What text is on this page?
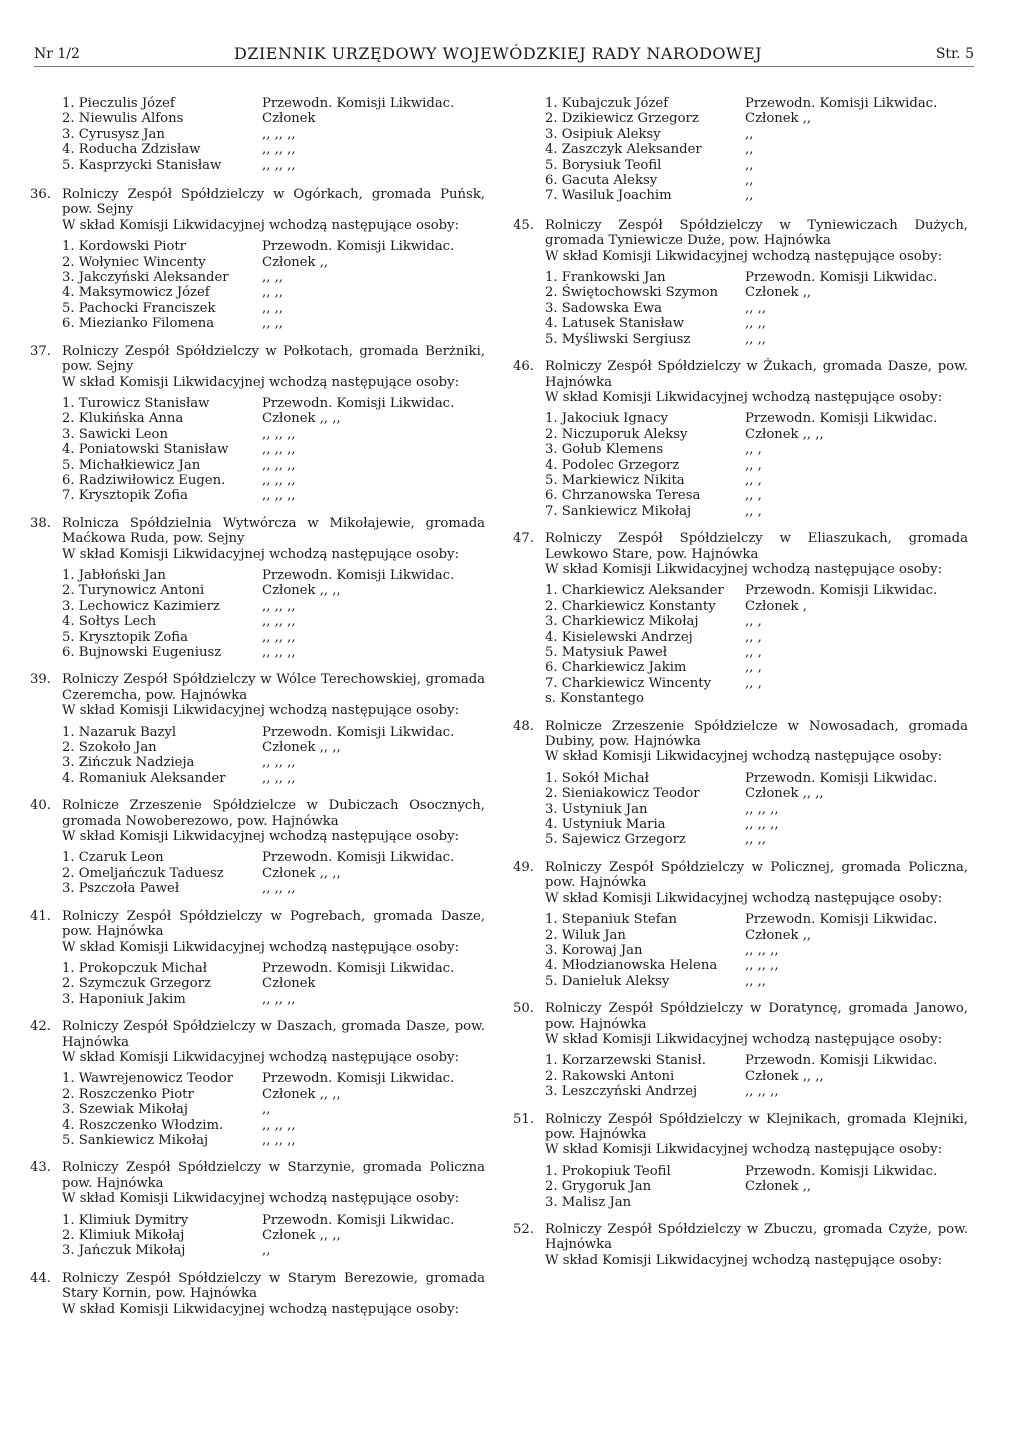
Nr 1/2	DZIENNIK URZĘDOWY WOJEWÓDZKIEJ RADY NARODOWEJ	Str. 5
1. Pieczulis Józef	Przewodn. Komisji Likwidac.
2. Niewulis Alfons	Członek
3. Cyrusysz Jan	,, ,, ,,
4. Roducha Zdzisław	,, ,, ,,
5. Kasprzycki Stanisław	,, ,, ,,
36. Rolniczy Zespół Spółdzielczy w Ogórkach, gromada Puńsk, pow. Sejny
W skład Komisji Likwidacyjnej wchodzą następujące osoby:
1. Kordowski Piotr	Przewodn. Komisji Likwidac.
2. Wołyniec Wincenty	Członek ,,
3. Jakczyński Aleksander	,, ,,
4. Maksymowicz Józef	,, ,,
5. Pachocki Franciszek	,, ,,
6. Miezianko Filomena	,, ,,
37. Rolniczy Zespół Spółdzielczy w Połkotach, gromada Berżniki, pow. Sejny
W skład Komisji Likwidacyjnej wchodzą następujące osoby:
1. Turowicz Stanisław	Przewodn. Komisji Likwidac.
2. Klukińska Anna	Członek ,, ,,
3. Sawicki Leon	,, ,, ,,
4. Poniatowski Stanisław	,, ,, ,,
5. Michałkiewicz Jan	,, ,, ,,
6. Radziwiłowicz Eugen.	,, ,, ,,
7. Krysztopik Zofia	,, ,, ,,
38. Rolnicza Spółdzielnia Wytwórcza w Mikołajewie, gromada Maćkowa Ruda, pow. Sejny
W skład Komisji Likwidacyjnej wchodzą następujące osoby:
1. Jabłoński Jan	Przewodn. Komisji Likwidac.
2. Turynowicz Antoni	Członek ,, ,,
3. Lechowicz Kazimierz	,, ,, ,,
4. Sołtys Lech	,, ,, ,,
5. Krysztopik Zofia	,, ,, ,,
6. Bujnowski Eugeniusz	,, ,, ,,
39. Rolniczy Zespół Spółdzielczy w Wólce Terechowskiej, gromada Czeremcha, pow. Hajnówka
W skład Komisji Likwidacyjnej wchodzą następujące osoby:
1. Nazaruk Bazyl	Przewodn. Komisji Likwidac.
2. Szokoło Jan	Członek ,, ,,
3. Zińczuk Nadzieja	,, ,, ,,
4. Romaniuk Aleksander	,, ,, ,,
40. Rolnicze Zrzeszenie Spółdzielcze w Dubiczach Osocznych, gromada Nowoberezowo, pow. Hajnówka
W skład Komisji Likwidacyjnej wchodzą następujące osoby:
1. Czaruk Leon	Przewodn. Komisji Likwidac.
2. Omeljańczuk Taduesz	Członek ,, ,,
3. Pszczoła Paweł	,, ,, ,,
41. Rolniczy Zespół Spółdzielczy w Pogrebach, gromada Dasze, pow. Hajnówka
W skład Komisji Likwidacyjnej wchodzą następujące osoby:
1. Prokopczuk Michał	Przewodn. Komisji Likwidac.
2. Szymczuk Grzegorz	Członek
3. Haponiuk Jakim	,, ,, ,,
42. Rolniczy Zespół Spółdzielczy w Daszach, gromada Dasze, pow. Hajnówka
W skład Komisji Likwidacyjnej wchodzą następujące osoby:
1. Wawrejenowicz Teodor	Przewodn. Komisji Likwidac.
2. Roszczenko Piotr	Członek ,, ,,
3. Szewiak Mikołaj	,,
4. Roszczenko Włodzim.	,, ,, ,,
5. Sankiewicz Mikołaj	,, ,, ,,
43. Rolniczy Zespół Spółdzielczy w Starzynie, gromada Policzna pow. Hajnówka
W skład Komisji Likwidacyjnej wchodzą następujące osoby:
1. Klimiuk Dymitry	Przewodn. Komisji Likwidac.
2. Klimiuk Mikołaj	Członek ,, ,,
3. Jańczuk Mikołaj	,,
44. Rolniczy Zespół Spółdzielczy w Starym Berezowie, gromada Stary Kornin, pow. Hajnówka
W skład Komisji Likwidacyjnej wchodzą następujące osoby:
1. Kubajczuk Józef	Przewodn. Komisji Likwidac.
2. Dzikiewicz Grzegorz	Członek ,,
3. Osipiuk Aleksy	,,
4. Zaszczyk Aleksander	,,
5. Borysiuk Teofil	,,
6. Gacuta Aleksy	,,
7. Wasiluk Joachim	,,
45. Rolniczy Zespół Spółdzielczy w Tyniewiczach Dużych, gromada Tyniewicze Duże, pow. Hajnówka
W skład Komisji Likwidacyjnej wchodzą następujące osoby:
1. Frankowski Jan	Przewodn. Komisji Likwidac.
2. Świętochowski Szymon	Członek ,,
3. Sadowska Ewa	,, ,,
4. Latusek Stanisław	,, ,,
5. Myśliwski Sergiusz	,, ,,
46. Rolniczy Zespół Spółdzielczy w Żukach, gromada Dasze, pow. Hajnówka
W skład Komisji Likwidacyjnej wchodzą następujące osoby:
1. Jakociuk Ignacy	Przewodn. Komisji Likwidac.
2. Niczuporuk Aleksy	Członek ,, ,,
3. Gołub Klemens	,, ,
4. Podolec Grzegorz	,, ,
5. Markiewicz Nikita	,, ,
6. Chrzanowska Teresa	,, ,
7. Sankiewicz Mikołaj	,, ,
47. Rolniczy Zespół Spółdzielczy w Eliaszukach, gromada Lewkowo Stare, pow. Hajnówka
W skład Komisji Likwidacyjnej wchodzą następujące osoby:
1. Charkiewicz Aleksander	Przewodn. Komisji Likwidac.
2. Charkiewicz Konstanty	Członek ,
3. Charkiewicz Mikołaj	,, ,
4. Kisielewski Andrzej	,, ,
5. Matysiuk Paweł	,, ,
6. Charkiewicz Jakim	,, ,
7. Charkiewicz Wincenty	,, ,
s. Konstantego
48. Rolnicze Zrzeszenie Spółdzielcze w Nowosadach, gromada Dubiny, pow. Hajnówka
W skład Komisji Likwidacyjnej wchodzą następujące osoby:
1. Sokół Michał	Przewodn. Komisji Likwidac.
2. Sieniakowicz Teodor	Członek ,, ,,
3. Ustyniuk Jan	,, ,, ,,
4. Ustyniuk Maria	,, ,, ,,
5. Sajewicz Grzegorz	,, ,,
49. Rolniczy Zespół Spółdzielczy w Policznej, gromada Policzna, pow. Hajnówka
W skład Komisji Likwidacyjnej wchodzą następujące osoby:
1. Stepaniuk Stefan	Przewodn. Komisji Likwidac.
2. Wiluk Jan	Członek ,,
3. Korowaj Jan	,, ,, ,,
4. Młodzianowska Helena	,, ,, ,,
5. Danieluk Aleksy	,, ,,
50. Rolniczy Zespół Spółdzielczy w Doratyncę, gromada Janowo, pow. Hajnówka
W skład Komisji Likwidacyjnej wchodzą następujące osoby:
1. Korzarzewski Stanisł.	Przewodn. Komisji Likwidac.
2. Rakowski Antoni	Członek ,, ,,
3. Leszczyński Andrzej	,, ,, ,,
51. Rolniczy Zespół Spółdzielczy w Klejnikach, gromada Klejniki, pow. Hajnówka
W skład Komisji Likwidacyjnej wchodzą następujące osoby:
1. Prokopiuk Teofil	Przewodn. Komisji Likwidac.
2. Grygoruk Jan	Członek ,,
3. Malisz Jan
52. Rolniczy Zespół Spółdzielczy w Zbuczu, gromada Czyże, pow. Hajnówka
W skład Komisji Likwidacyjnej wchodzą następujące osoby:
